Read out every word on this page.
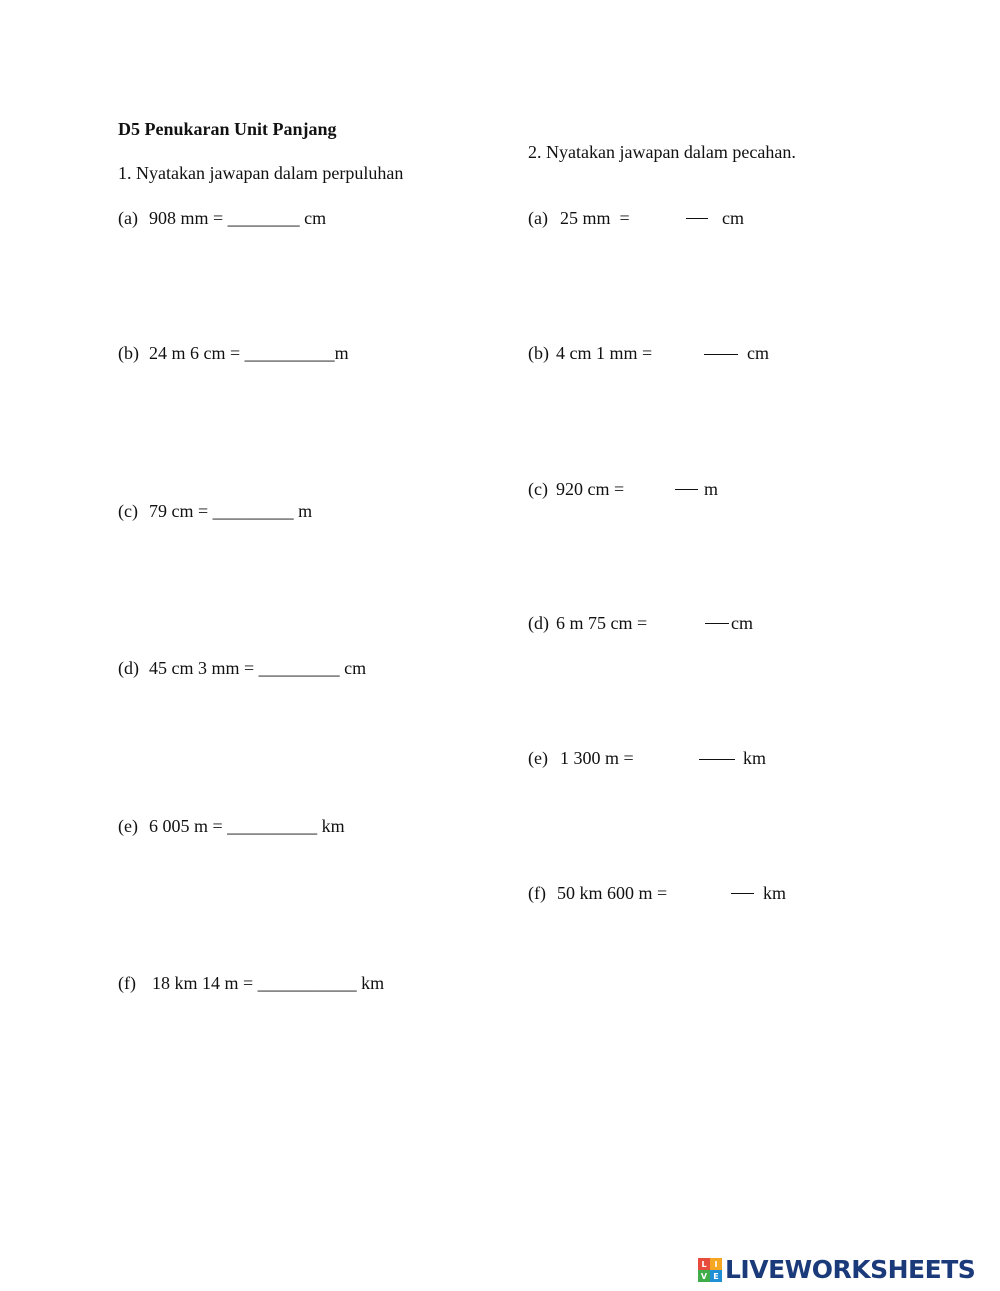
D5 Penukaran Unit Panjang
1. Nyatakan jawapan dalam perpuluhan
(a) 908 mm = ________ cm
(b) 24 m 6 cm = __________m
(c) 79 cm = _________ m
(d) 45 cm 3 mm = _________ cm
(e) 6 005 m = __________ km
(f) 18 km 14 m = ___________ km
2. Nyatakan jawapan dalam pecahan.
(a) 25 mm  =	cm
(b) 4 cm 1 mm =	cm
(c) 920 cm =	m
(d) 6 m 75 cm =	cm
(e) 1 300 m =	km
(f) 50 km 600 m =	km
L I
V E LIVEWORKSHEETS
